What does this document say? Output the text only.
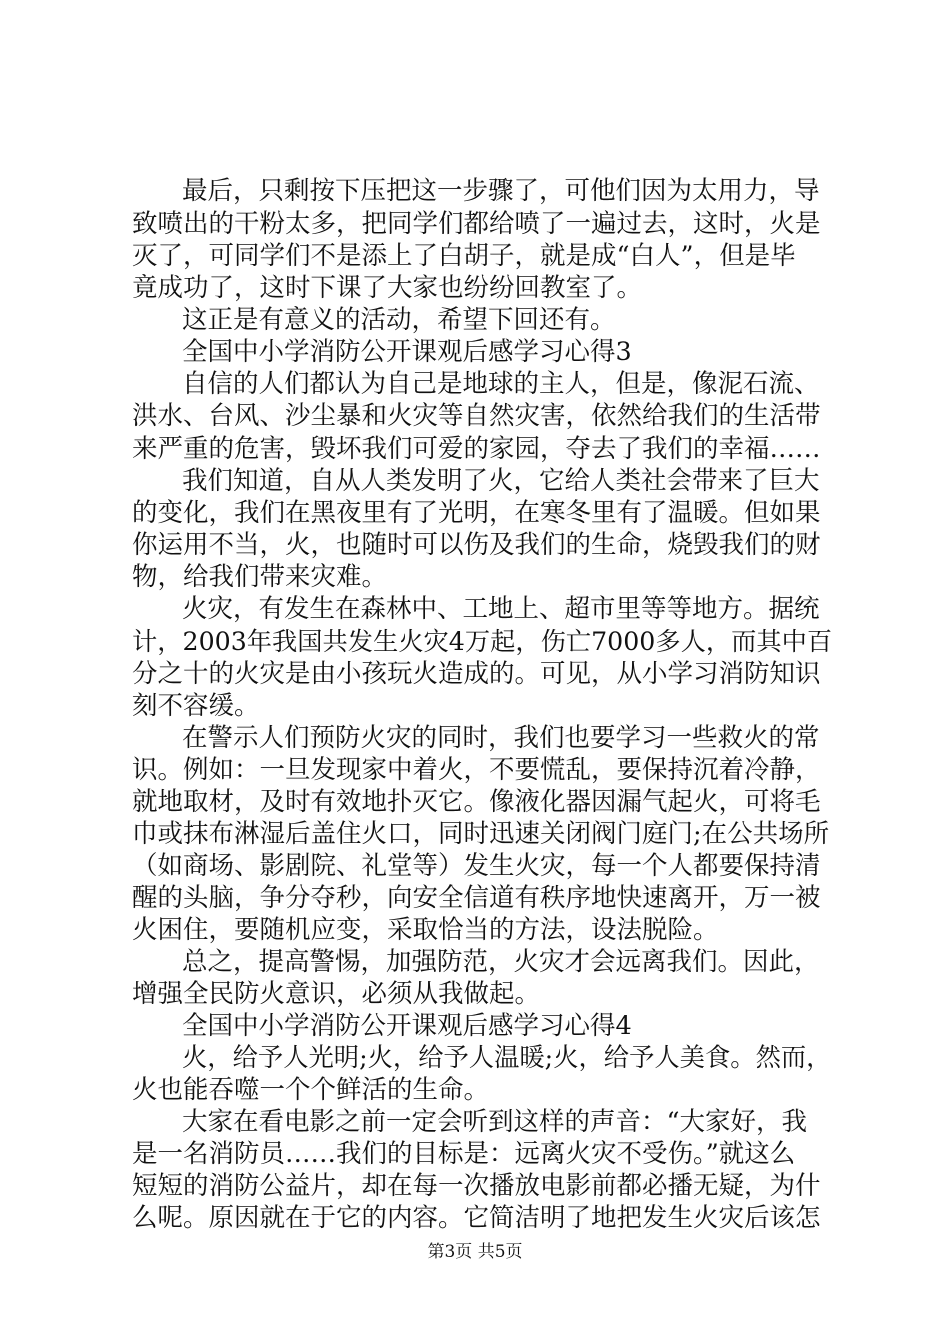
最后，只剩按下压把这一步骤了，可他们因为太用力，导
致喷出的干粉太多，把同学们都给喷了一遍过去，这时，火是
灭了，可同学们不是添上了白胡子，就是成“白人”，但是毕
竟成功了，这时下课了大家也纷纷回教室了。
这正是有意义的活动，希望下回还有。
全国中小学消防公开课观后感学习心得3
自信的人们都认为自己是地球的主人，但是，像泥石流、
洪水、台风、沙尘暴和火灾等自然灾害，依然给我们的生活带
来严重的危害，毁坏我们可爱的家园，夺去了我们的幸福……
我们知道，自从人类发明了火，它给人类社会带来了巨大
的变化，我们在黑夜里有了光明，在寒冬里有了温暖。但如果
你运用不当，火，也随时可以伤及我们的生命，烧毁我们的财
物，给我们带来灾难。
火灾，有发生在森林中、工地上、超市里等等地方。据统
计，2003年我国共发生火灾4万起，伤亡7000多人，而其中百
分之十的火灾是由小孩玩火造成的。可见，从小学习消防知识
刻不容缓。
在警示人们预防火灾的同时，我们也要学习一些救火的常
识。例如：一旦发现家中着火，不要慌乱，要保持沉着冷静，
就地取材，及时有效地扑灭它。像液化器因漏气起火，可将毛
巾或抹布淋湿后盖住火口，同时迅速关闭阀门庭门;在公共场所
（如商场、影剧院、礼堂等）发生火灾，每一个人都要保持清
醒的头脑，争分夺秒，向安全信道有秩序地快速离开，万一被
火困住，要随机应变，采取恰当的方法，设法脱险。
总之，提高警惕，加强防范，火灾才会远离我们。因此，
增强全民防火意识，必须从我做起。
全国中小学消防公开课观后感学习心得4
火，给予人光明;火，给予人温暖;火，给予人美食。然而，
火也能吞噬一个个鲜活的生命。
大家在看电影之前一定会听到这样的声音：“大家好，我
是一名消防员……我们的目标是：远离火灾不受伤。”就这么
短短的消防公益片，却在每一次播放电影前都必播无疑，为什
么呢。原因就在于它的内容。它简洁明了地把发生火灾后该怎
第3页 共5页
